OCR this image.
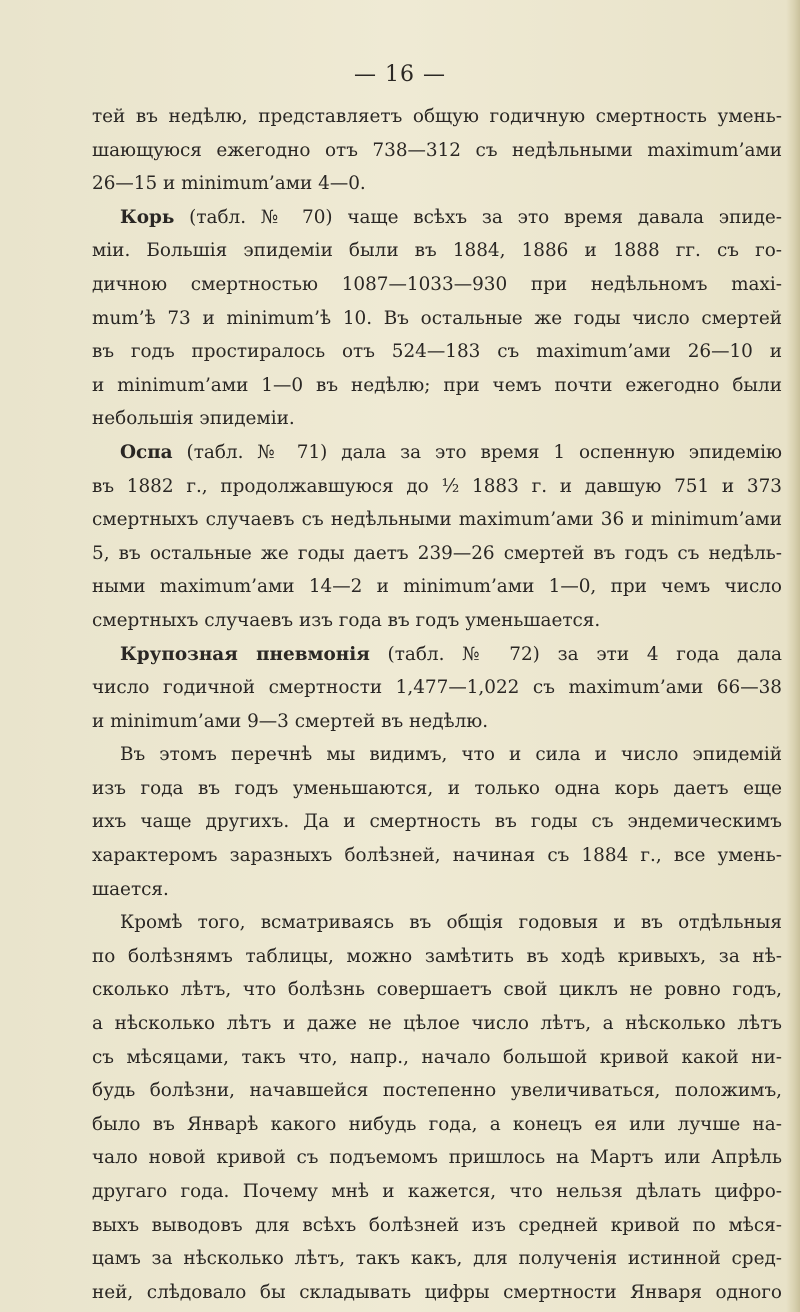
— 16 —
тей въ недѣлю, представляетъ общую годичную смертность умень-
шающуюся ежегодно отъ 738—312 съ недѣльными maximum’ами
26—15 и minimum’ами 4—0.
Корь (табл. № 70) чаще всѣхъ за это время давала эпиде-
міи. Большія эпидеміи были въ 1884, 1886 и 1888 гг. съ го-
дичною смертностью 1087—1033—930 при недѣльномъ maxi-
mum’ѣ 73 и minimum’ѣ 10. Въ остальные же годы число смертей
въ годъ простиралось отъ 524—183 съ maximum’ами 26—10 и
и minimum’ами 1—0 въ недѣлю; при чемъ почти ежегодно были
небольшія эпидеміи.
Оспа (табл. № 71) дала за это время 1 оспенную эпидемію
въ 1882 г., продолжавшуюся до ½ 1883 г. и давшую 751 и 373
смертныхъ случаевъ съ недѣльными maximum’ами 36 и minimum’ами
5, въ остальные же годы даетъ 239—26 смертей въ годъ съ недѣль-
ными maximum’ами 14—2 и minimum’ами 1—0, при чемъ число
смертныхъ случаевъ изъ года въ годъ уменьшается.
Крупозная пневмонія (табл. № 72) за эти 4 года дала
число годичной смертности 1,477—1,022 съ maximum’ами 66—38
и minimum’ами 9—3 смертей въ недѣлю.
Въ этомъ перечнѣ мы видимъ, что и сила и число эпидемій
изъ года въ годъ уменьшаются, и только одна корь даетъ еще
ихъ чаще другихъ. Да и смертность въ годы съ эндемическимъ
характеромъ заразныхъ болѣзней, начиная съ 1884 г., все умень-
шается.
Кромѣ того, всматриваясь въ общія годовыя и въ отдѣльныя
по болѣзнямъ таблицы, можно замѣтить въ ходѣ кривыхъ, за нѣ-
сколько лѣтъ, что болѣзнь совершаетъ свой циклъ не ровно годъ,
а нѣсколько лѣтъ и даже не цѣлое число лѣтъ, а нѣсколько лѣтъ
съ мѣсяцами, такъ что, напр., начало большой кривой какой ни-
будь болѣзни, начавшейся постепенно увеличиваться, положимъ,
было въ Январѣ какого нибудь года, а конецъ ея или лучше на-
чало новой кривой съ подъемомъ пришлось на Мартъ или Апрѣль
другаго года. Почему мнѣ и кажется, что нельзя дѣлать цифро-
выхъ выводовъ для всѣхъ болѣзней изъ средней кривой по мѣся-
цамъ за нѣсколько лѣтъ, такъ какъ, для полученія истинной сред-
ней, слѣдовало бы складывать цифры смертности Января одного
